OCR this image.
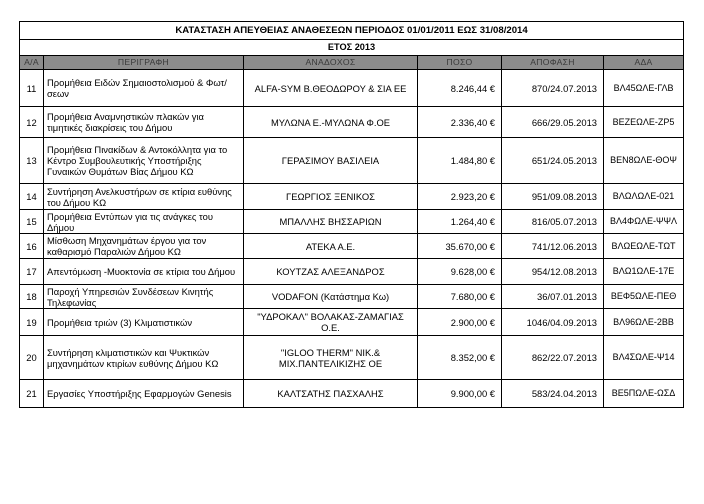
ΚΑΤΑΣΤΑΣΗ ΑΠΕΥΘΕΙΑΣ ΑΝΑΘΕΣΕΩΝ ΠΕΡΙΟΔΟΣ 01/01/2011 ΕΩΣ 31/08/2014					
ΕΤΟΣ 2013					
Α/Α	ΠΕΡΙΓΡΑΦΗ	ΑΝΑΔΟΧΟΣ	ΠΟΣΟ	ΑΠΟΦΑΣΗ	ΑΔΑ
11	Προμήθεια Ειδών Σημαιοστολισμού & Φωτ/σεων	ALFA-SYM Β.ΘΕΟΔΩΡΟΥ & ΣΙΑ ΕΕ	8.246,44 €	870/24.07.2013	ΒΛ45ΩΛΕ-ΓΛΒ
12	Προμήθεια Αναμνηστικών πλακών για τιμητικές διακρίσεις του Δήμου	ΜΥΛΩΝΑ Ε.-ΜΥΛΩΝΑ Φ.ΟΕ	2.336,40 €	666/29.05.2013	ΒΕΖΕΩΛΕ-ΖΡ5
13	Προμήθεια Πινακίδων & Αντοκόλλητα για το Κέντρο Συμβουλευτικής Υποστήριξης Γυναικών Θυμάτων Βίας Δήμου ΚΩ	ΓΕΡΑΣΙΜΟΥ ΒΑΣΙΛΕΙΑ	1.484,80 €	651/24.05.2013	ΒΕΝ8ΩΛΕ-ΘΟΨ
14	Συντήρηση Ανελκυστήρων σε κτίρια ευθύνης του Δήμου ΚΩ	ΓΕΩΡΓΙΟΣ ΞΕΝΙΚΟΣ	2.923,20 €	951/09.08.2013	ΒΛΩΛΩΛΕ-021
15	Προμήθεια Εντύπων για τις ανάγκες του Δήμου	ΜΠΑΛΛΗΣ ΒΗΣΣΑΡΙΩΝ	1.264,40 €	816/05.07.2013	ΒΛ4ΦΩΛΕ-ΨΨΛ
16	Μίσθωση Μηχανημάτων έργου για τον καθαρισμό Παραλιών Δήμου ΚΩ	ΑΤΕΚΑ Α.Ε.	35.670,00 €	741/12.06.2013	ΒΛΩΕΩΛΕ-ΤΩΤ
17	Απεντόμωση -Μυοκτονία σε κτίρια του Δήμου	ΚΟΥΤΖΑΣ ΑΛΕΞΑΝΔΡΟΣ	9.628,00 €	954/12.08.2013	ΒΛΩ1ΩΛΕ-17Ε
18	Παροχή Υπηρεσιών Συνδέσεων Κινητής Τηλεφωνίας	VODAFON (Κατάστημα Κω)	7.680,00 €	36/07.01.2013	ΒΕΦ5ΩΛΕ-ΠΕΘ
19	Προμήθεια τριών (3) Κλιματιστικών	"ΥΔΡΟΚΑΛ" ΒΟΛΑΚΑΣ-ΖΑΜΑΓΙΑΣ Ο.Ε.	2.900,00 €	1046/04.09.2013	ΒΛ96ΩΛΕ-2ΒΒ
20	Συντήρηση κλιματιστικών και Ψυκτικών μηχανημάτων κτιρίων ευθύνης Δήμου ΚΩ	"IGLOO THERM" ΝΙΚ.& ΜΙΧ.ΠΑΝΤΕΛΙΚΙΖΗΣ ΟΕ	8.352,00 €	862/22.07.2013	ΒΛ4ΣΩΛΕ-Ψ14
21	Εργασίες Υποστήριξης Εφαρμογών Genesis	ΚΑΛΤΣΑΤΗΣ ΠΑΣΧΑΛΗΣ	9.900,00 €	583/24.04.2013	ΒΕ5ΠΩΛΕ-ΩΣΔ
